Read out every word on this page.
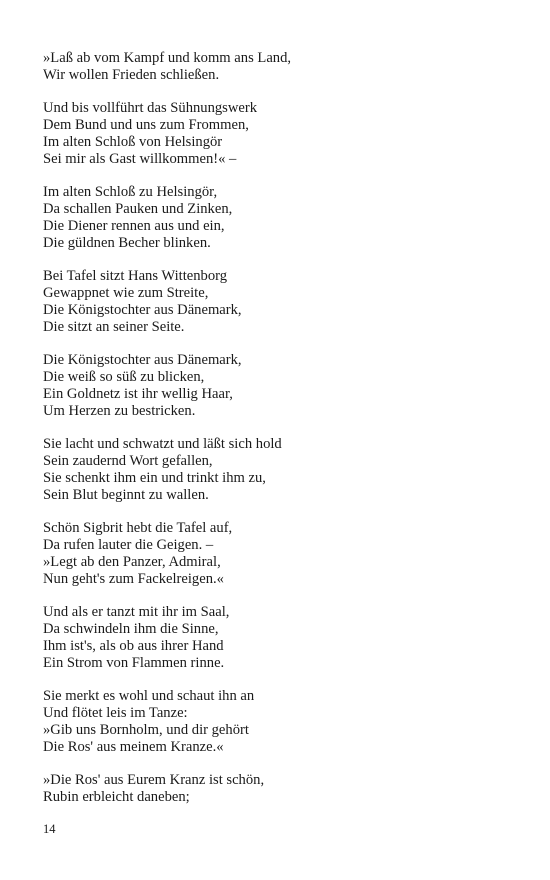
»Laß ab vom Kampf und komm ans Land,
Wir wollen Frieden schließen.
Und bis vollführt das Sühnungswerk
Dem Bund und uns zum Frommen,
Im alten Schloß von Helsingör
Sei mir als Gast willkommen!« –
Im alten Schloß zu Helsingör,
Da schallen Pauken und Zinken,
Die Diener rennen aus und ein,
Die güldnen Becher blinken.
Bei Tafel sitzt Hans Wittenborg
Gewappnet wie zum Streite,
Die Königstochter aus Dänemark,
Die sitzt an seiner Seite.
Die Königstochter aus Dänemark,
Die weiß so süß zu blicken,
Ein Goldnetz ist ihr wellig Haar,
Um Herzen zu bestricken.
Sie lacht und schwatzt und läßt sich hold
Sein zaudernd Wort gefallen,
Sie schenkt ihm ein und trinkt ihm zu,
Sein Blut beginnt zu wallen.
Schön Sigbrit hebt die Tafel auf,
Da rufen lauter die Geigen. –
»Legt ab den Panzer, Admiral,
Nun geht's zum Fackelreigen.«
Und als er tanzt mit ihr im Saal,
Da schwindeln ihm die Sinne,
Ihm ist's, als ob aus ihrer Hand
Ein Strom von Flammen rinne.
Sie merkt es wohl und schaut ihn an
Und flötet leis im Tanze:
»Gib uns Bornholm, und dir gehört
Die Ros' aus meinem Kranze.«
»Die Ros' aus Eurem Kranz ist schön,
Rubin erbleicht daneben;
14
